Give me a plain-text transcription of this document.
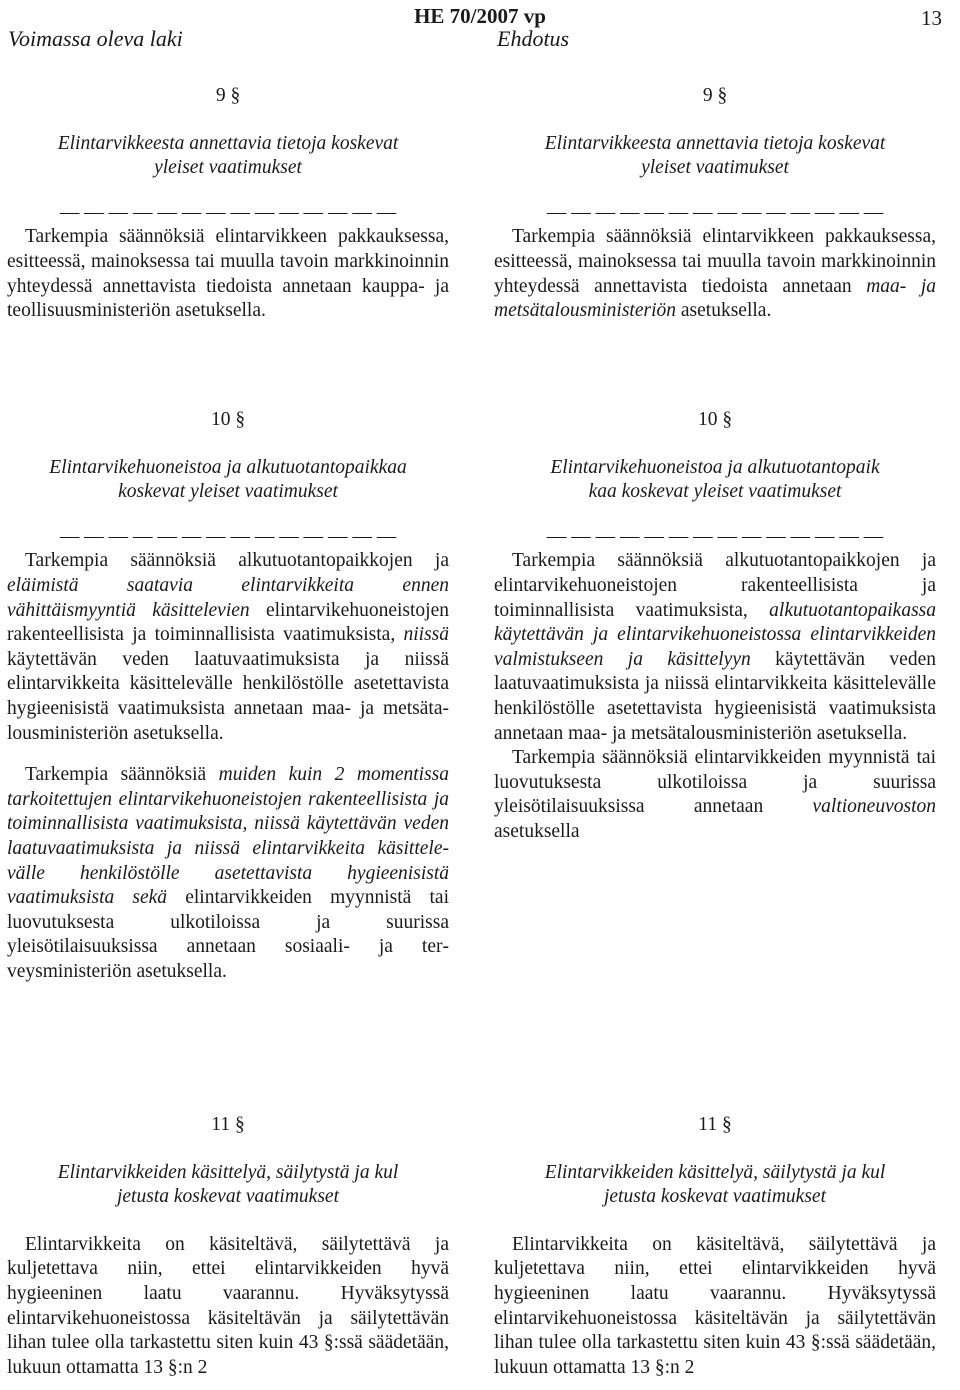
HE 70/2007 vp	13
Voimassa oleva laki	Ehdotus
9 §
Elintarvikkeesta annettavia tietoja koskevat
yleiset vaatimukset
— — — — — — — — — — — — — —

Tarkempia säännöksiä elintarvikkeen pakkauksessa, esitteessä, mainoksessa tai muulla tavoin markkinoinnin yhteydessä annettavista tiedoista annetaan kauppa- ja teollisuusministeriön asetuksella.

10 §
Elintarvikehuoneistoa ja alkutuotantopaikkaa
koskevat yleiset vaatimukset
— — — — — — — — — — — — — —

Tarkempia säännöksiä alkutuotantopaikkojen ja eläimistä saatavia elintarvikkeita ennen vähittäismyyntiä käsittelevien elintarvikehuoneistojen rakenteellisista ja toiminnallisista vaatimuksista, niissä käytettävän veden laatuvaatimuksista ja niissä elintarvikkeita käsittelevälle henkilöstölle asetettavista hygieenisistä vaatimuksista annetaan maa- ja metsätalousministeriön asetuksella.

Tarkempia säännöksiä muiden kuin 2 momentissa tarkoitettujen elintarvikehuoneistojen rakenteellisista ja toiminnallisista vaatimuksista, niissä käytettävän veden laatuvaatimuksista ja niissä elintarvikkeita käsittelevälle henkilöstölle asetettavista hygieenisistä vaatimuksista sekä elintarvikkeiden myynnistä tai luovutuksesta ulkotiloissa ja suurissa yleisötilaisuuksissa annetaan sosiaali- ja terveysministeriön asetuksella.

11 §
Elintarvikkeiden käsittelyä, säilytystä ja kul
jetusta koskevat vaatimukset

Elintarvikkeita on käsiteltävä, säilytettävä ja kuljetettava niin, ettei elintarvikkeiden hyvä hygieeninen laatu vaarannu. Hyväksytyssä elintarvikehuoneistossa käsiteltävän ja säilytettävän lihan tulee olla tarkastettu siten kuin 43 §:ssä säädetään, lukuun ottamatta 13 §:n 2

9 §
Elintarvikkeesta annettavia tietoja koskevat
yleiset vaatimukset
— — — — — — — — — — — — — —

Tarkempia säännöksiä elintarvikkeen pakkauksessa, esitteessä, mainoksessa tai muulla tavoin markkinoinnin yhteydessä annettavista tiedoista annetaan maa- ja metsätalousministeriön asetuksella.

10 §
Elintarvikehuoneistoa ja alkutuotantopaik
kaa koskevat yleiset vaatimukset
— — — — — — — — — — — — — —

Tarkempia säännöksiä alkutuotantopaikkojen ja elintarvikehuoneistojen rakenteellisista ja toiminnallisista vaatimuksista, alkutuotantopaikassa käytettävän ja elintarvikehuoneistossa elintarvikkeiden valmistukseen ja käsittelyyn käytettävän veden laatuvaatimuksista ja niissä elintarvikkeita käsittelevälle henkilöstölle asetettavista hygieenisistä vaatimuksista annetaan maa- ja metsätalousministeriön asetuksella.

Tarkempia säännöksiä elintarvikkeiden myynnistä tai luovutuksesta ulkotiloissa ja suurissa yleisötilaisuuksissa annetaan valtioneuvoston asetuksella

11 §
Elintarvikkeiden käsittelyä, säilytystä ja kul
jetusta koskevat vaatimukset

Elintarvikkeita on käsiteltävä, säilytettävä ja kuljetettava niin, ettei elintarvikkeiden hyvä hygieeninen laatu vaarannu. Hyväksytyssä elintarvikehuoneistossa käsiteltävän ja säilytettävän lihan tulee olla tarkastettu siten kuin 43 §:ssä säädetään, lukuun ottamatta 13 §:n 2
